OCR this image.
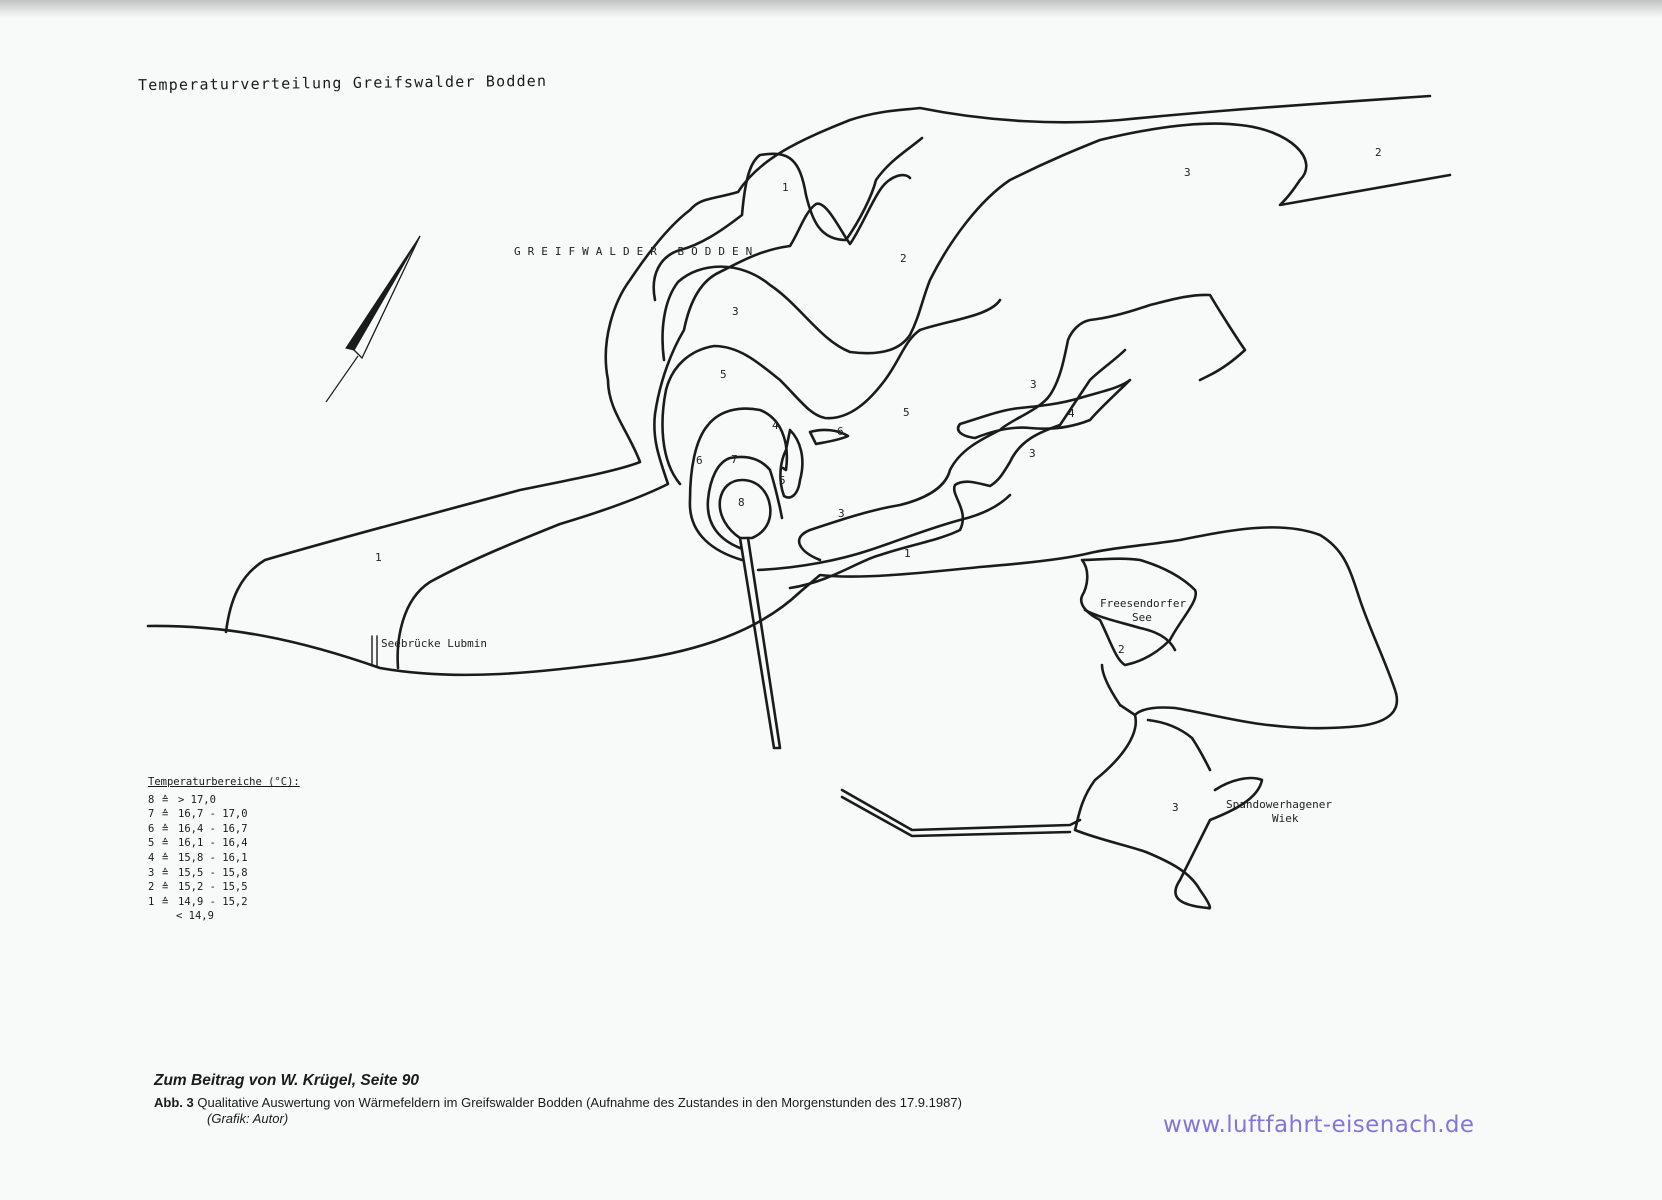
Temperaturverteilung Greifswalder Bodden
GREIFWALDER BODDEN
Seebrücke Lubmin
Freesendorfer
See
Spandowerhagener
Wiek
1
1
2
2
3
3
3
3
5
5
4	6
6	7
5
8
4
3
1
2
3
Temperaturbereiche (°C):
8 ≙ > 17,0
7 ≙ 16,7 - 17,0
6 ≙ 16,4 - 16,7
5 ≙ 16,1 - 16,4
4 ≙ 15,8 - 16,1
3 ≙ 15,5 - 15,8
2 ≙ 15,2 - 15,5
1 ≙ 14,9 - 15,2
< 14,9
Zum Beitrag von W. Krügel, Seite 90
Abb. 3 Qualitative Auswertung von Wärmefeldern im Greifswalder Bodden (Aufnahme des Zustandes in den Morgenstunden des 17.9.1987)
(Grafik: Autor)	www.luftfahrt-eisenach.de
